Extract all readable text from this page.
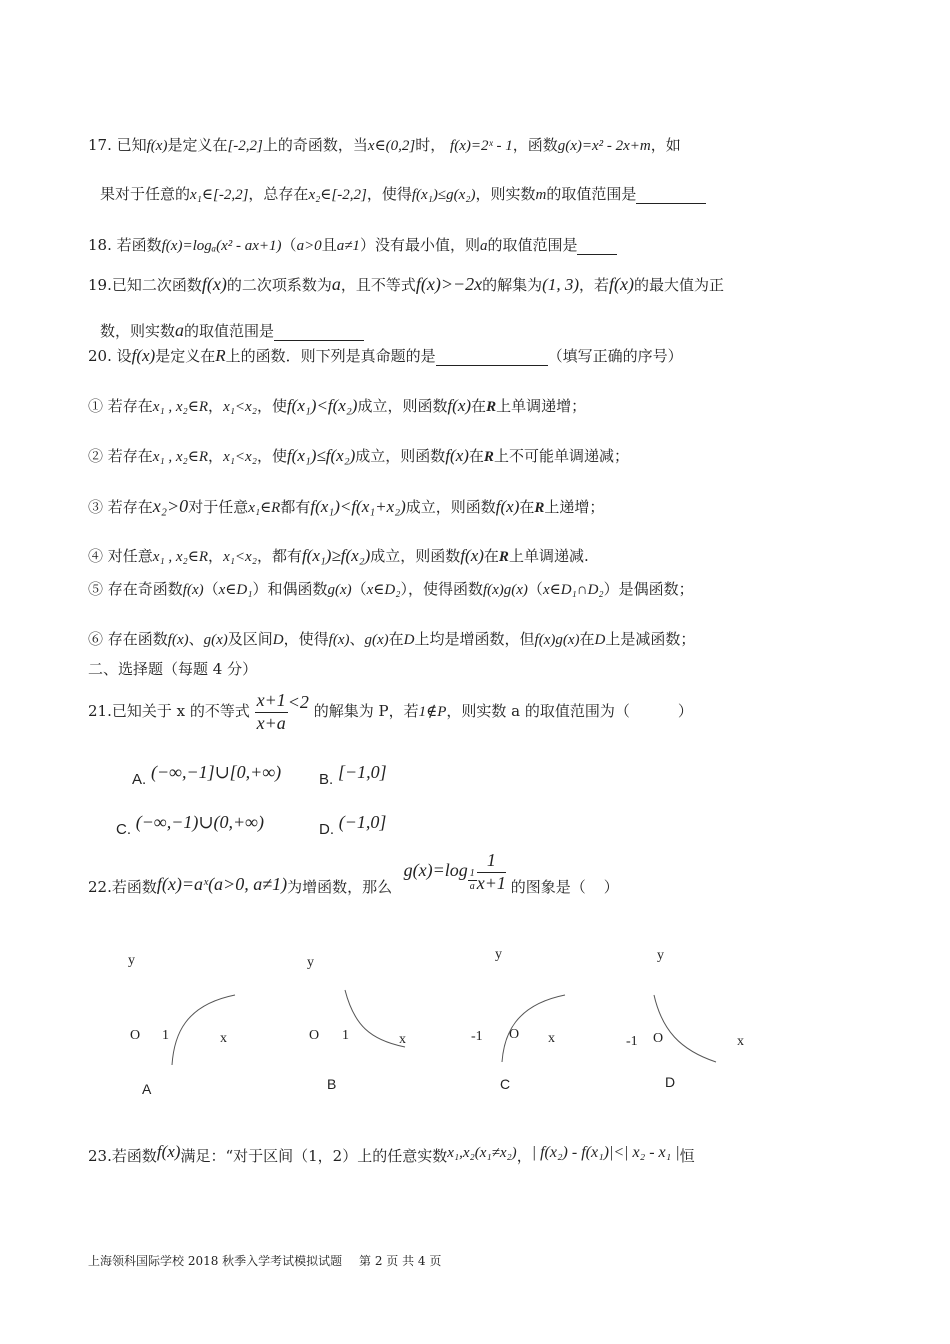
17. 已知f(x)是定义在[-2,2]上的奇函数，当x∈(0,2]时， f(x)=2ˣ - 1，函数g(x)=x² - 2x+m，如
果对于任意的x₁∈[-2,2]，总存在x₂∈[-2,2]，使得f(x₁)≤g(x₂)，则实数m的取值范围是
18. 若函数f(x)=logₐ(x² - ax+1)（a>0且a≠1）没有最小值，则a的取值范围是
19.已知二次函数f(x)的二次项系数为a，且不等式f(x)>−2x的解集为(1, 3)，若f(x)的最大值为正
数，则实数a的取值范围是
20. 设f(x)是定义在R上的函数．则下列是真命题的是	（填写正确的序号）
① 若存在x₁ , x₂∈R，x₁<x₂，使f(x₁)<f(x₂)成立，则函数f(x)在R上单调递增；
② 若存在x₁ , x₂∈R，x₁<x₂，使f(x₁)≤f(x₂)成立，则函数f(x)在R上不可能单调递减；
③ 若存在x₂>0对于任意x₁∈R都有f(x₁)<f(x₁+x₂)成立，则函数f(x)在R上递增；
④ 对任意x₁ , x₂∈R，x₁<x₂，都有f(x₁)≥f(x₂)成立，则函数f(x)在R上单调递减.
⑤ 存在奇函数f(x)（x∈D₁）和偶函数g(x)（x∈D₂），使得函数f(x)g(x)（x∈D₁∩D₂）是偶函数；
⑥ 存在函数f(x)、g(x)及区间D，使得f(x)、g(x)在D上均是增函数，但f(x)g(x)在D上是减函数；
二、选择题（每题 4 分）
21.已知关于 x 的不等式 $\frac{x+1}{x+a} <2$ 的解集为 P，若1∉P，则实数 a 的取值范围为（	）
A. (−∞,−1]∪[0,+∞)	B. [−1,0]
C. (−∞,−1)∪(0,+∞)	D. (−1,0]
22.若函数f(x)=aˣ(a>0, a≠1)为增函数，那么  $g(x)=\log \frac{1}{a} \frac{1}{x+1}$ 的图象是（ ）
y
O 1	x
A
y
O 1	x
B
y
-1 O x
C
y
-1 O	x
D
23.若函数f(x)满足：“对于区间（1，2）上的任意实数x₁,x₂(x₁≠x₂)，| f(x₂) - f(x₁)|<| x₂ - x₁ |恒
上海领科国际学校 2018 秋季入学考试模拟试题 第 2 页 共 4 页
